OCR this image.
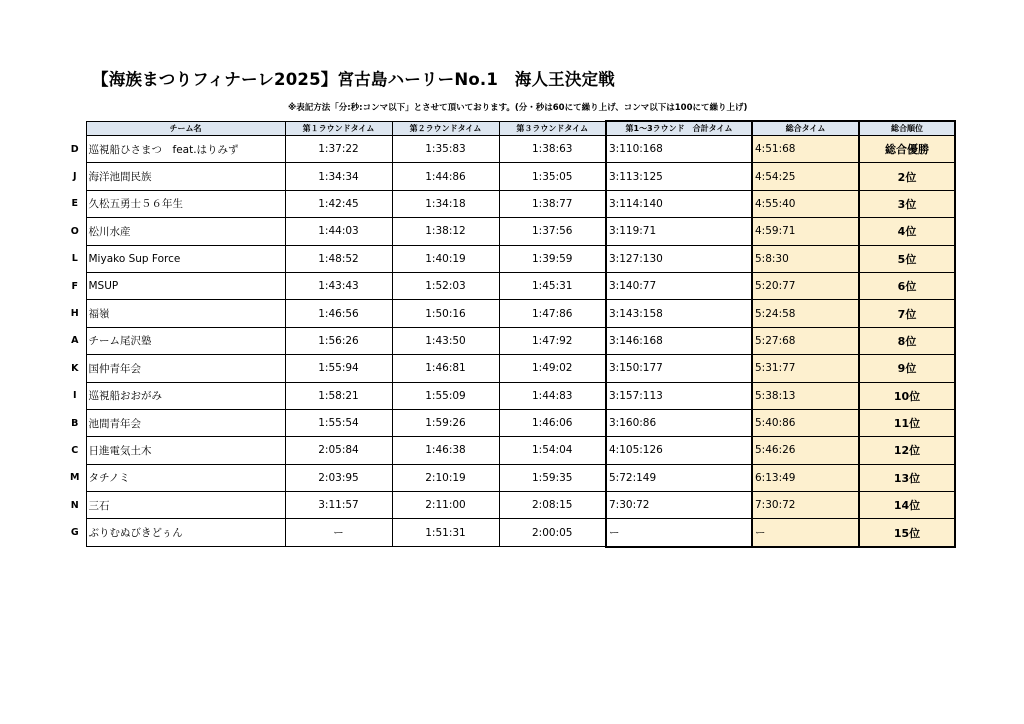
【海族まつりフィナーレ2025】宮古島ハーリーNo.1　海人王決定戦
※表記方法「分:秒:コンマ以下」とさせて頂いております。(分・秒は60にて繰り上げ、コンマ以下は100にて繰り上げ)
	チーム名	第１ラウンドタイム	第２ラウンドタイム	第３ラウンドタイム	第1～3ラウンド　合計タイム	総合タイム	総合順位
D	巡視船ひさまつ　feat.はりみず	1:37:22	1:35:83	1:38:63	3:110:168	4:51:68	総合優勝
J	海洋池間民族	1:34:34	1:44:86	1:35:05	3:113:125	4:54:25	2位
E	久松五勇士５６年生	1:42:45	1:34:18	1:38:77	3:114:140	4:55:40	3位
O	松川水産	1:44:03	1:38:12	1:37:56	3:119:71	4:59:71	4位
L	Miyako Sup Force	1:48:52	1:40:19	1:39:59	3:127:130	5:8:30	5位
F	MSUP	1:43:43	1:52:03	1:45:31	3:140:77	5:20:77	6位
H	福嶺	1:46:56	1:50:16	1:47:86	3:143:158	5:24:58	7位
A	チーム尾沢塾	1:56:26	1:43:50	1:47:92	3:146:168	5:27:68	8位
K	国仲青年会	1:55:94	1:46:81	1:49:02	3:150:177	5:31:77	9位
I	巡視船おおがみ	1:58:21	1:55:09	1:44:83	3:157:113	5:38:13	10位
B	池間青年会	1:55:54	1:59:26	1:46:06	3:160:86	5:40:86	11位
C	日進電気土木	2:05:84	1:46:38	1:54:04	4:105:126	5:46:26	12位
M	タチノミ	2:03:95	2:10:19	1:59:35	5:72:149	6:13:49	13位
N	三石	3:11:57	2:11:00	2:08:15	7:30:72	7:30:72	14位
G	ぶりむぬびきどぅん	ー	1:51:31	2:00:05	ー	ー	15位
